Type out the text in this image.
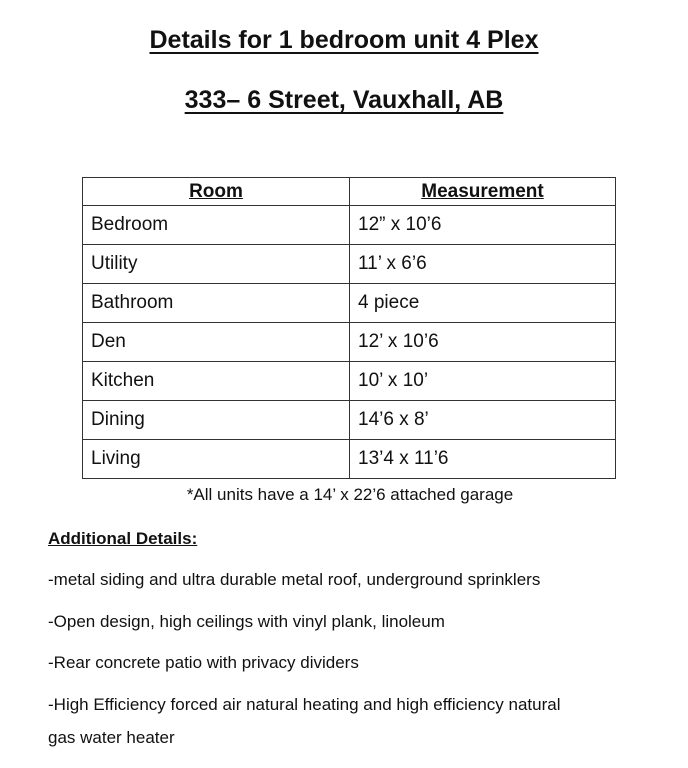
Details for 1 bedroom unit 4 Plex
333– 6 Street, Vauxhall, AB
Room	Measurement
Bedroom	12” x 10’6
Utility	11’ x 6’6
Bathroom	4 piece
Den	12’ x 10’6
Kitchen	10’ x 10’
Dining	14’6 x 8’
Living	13’4 x 11’6
*All units have a 14’ x 22’6 attached garage
Additional Details:
-metal siding and ultra durable metal roof, underground sprinklers
-Open design, high ceilings with vinyl plank, linoleum
-Rear concrete patio with privacy dividers
-High Efficiency forced air natural heating and high efficiency natural
gas water heater
